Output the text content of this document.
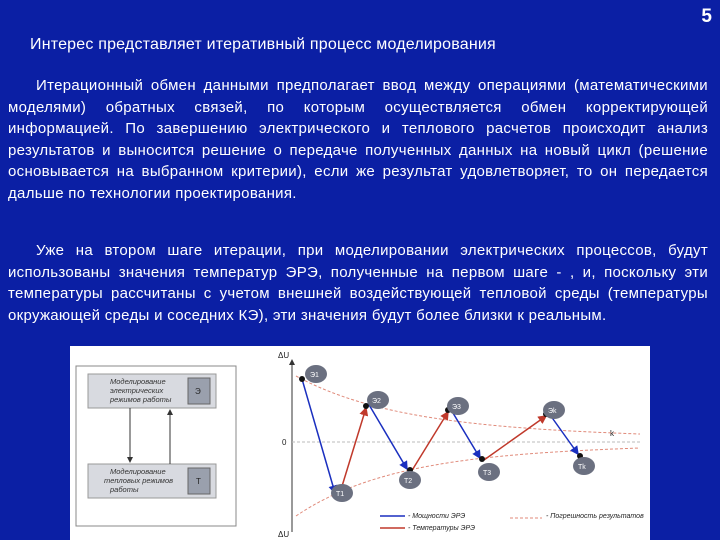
5
Интерес представляет итеративный процесс моделирования
Итерационный обмен данными предполагает ввод между операциями (математическими моделями) обратных связей, по которым осуществляется обмен корректирующей информацией. По завершению электрического и теплового расчетов происходит анализ результатов и выносится решение о передаче полученных данных на новый цикл (решение основывается на выбранном критерии), если же результат удовлетворяет, то он передается дальше по технологии проектирования.
Уже на втором шаге итерации, при моделировании электрических процессов, будут использованы значения температур ЭРЭ, полученные на первом шаге - , и, поскольку эти температуры рассчитаны с учетом внешней воздействующей тепловой среды (температуры окружающей среды и соседних КЭ), эти значения будут более близки к реальным.
Моделирование
электрических
режимов работы
Э
Моделирование
тепловых режимов
работы
T
ΔU
ΔU
0
k
Э1
Э2
Э3
Эk
T1
T2
T3
Tk
- Мощности ЭРЭ
- Температуры ЭРЭ
- Погрешность результатов
